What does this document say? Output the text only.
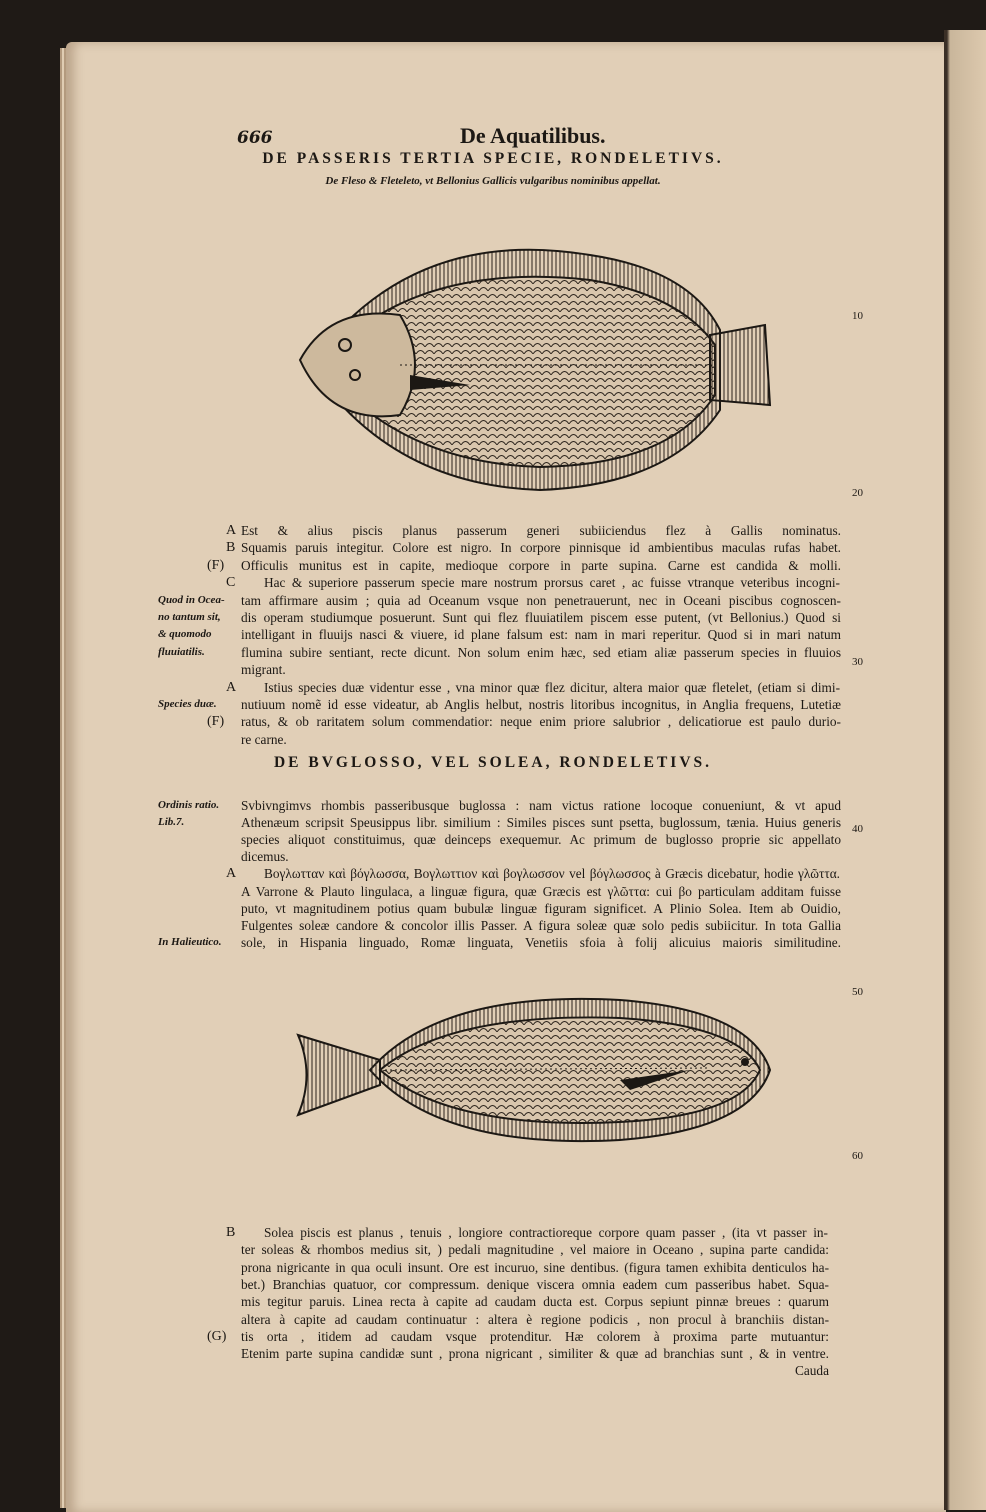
666	De Aquatilibus.
DE PASSERIS TERTIA SPECIE, RONDELETIVS.
De Fleso & Fleteleto, vt Bellonius Gallicis vulgaribus nominibus appellat.
DE BVGLOSSO, VEL SOLEA, RONDELETIVS.
10
20
30
40
50
60
Est & alius piscis planus passerum generi subiiciendus flez à Gallis nominatus.
A
Squamis paruis integitur. Colore est nigro. In corpore pinnisque id ambientibus maculas rufas habet.
B
Officulis munitus est in capite, medioque corpore in parte supina. Carne est candida & molli.
(F)
Hac & superiore passerum specie mare nostrum prorsus caret , ac fuisse vtranque veteribus incogni-
C
tam affirmare ausim ; quia ad Oceanum vsque non penetrauerunt, nec in Oceani piscibus cognoscen-
Quod in Ocea-
dis operam studiumque posuerunt. Sunt qui flez fluuiatilem piscem esse putent, (vt Bellonius.) Quod si
no tantum sit,
intelligant in fluuijs nasci & viuere, id plane falsum est: nam in mari reperitur. Quod si in mari natum
& quomodo
flumina subire sentiant, recte dicunt. Non solum enim hæc, sed etiam aliæ passerum species in fluuios
fluuiatilis.
migrant.
Istius species duæ videntur esse , vna minor quæ flez dicitur, altera maior quæ fletelet, (etiam si dimi-
A
nutiuum nomẽ id esse videatur, ab Anglis helbut, nostris litoribus incognitus, in Anglia frequens, Lutetiæ
Species duæ.
ratus, & ob raritatem solum commendatior: neque enim priore salubrior , delicatiorue est paulo durio-
(F)
re carne.
Svbivngimvs rhombis passeribusque buglossa : nam victus ratione locoque conueniunt, & vt apud
Ordinis ratio.
Athenæum scripsit Speusippus libr. similium : Similes pisces sunt psetta, buglossum, tænia. Huius generis
Lib.7.
species aliquot constituimus, quæ deinceps exequemur. Ac primum de buglosso proprie sic appellato
dicemus.
Βογλωτταν καὶ βόγλωσσα, Βογλωττιον καὶ βογλωσσον vel βόγλωσσος à Græcis dicebatur, hodie γλῶττα.
A
A Varrone & Plauto lingulaca, a linguæ figura, quæ Græcis est γλῶττα: cui βο particulam additam fuisse
puto, vt magnitudinem potius quam bubulæ linguæ figuram significet. A Plinio Solea. Item ab Ouidio,
Fulgentes soleæ candore & concolor illis Passer. A figura soleæ quæ solo pedis subiicitur. In tota Gallia
sole, in Hispania linguado, Romæ linguata, Venetiis sfoia à folij alicuius maioris similitudine.
In Halieutico.
Solea piscis est planus , tenuis , longiore contractioreque corpore quam passer , (ita vt passer in-
B
ter soleas & rhombos medius sit, ) pedali magnitudine , vel maiore in Oceano , supina parte candida:
prona nigricante in qua oculi insunt. Ore est incuruo, sine dentibus. (figura tamen exhibita denticulos ha-
bet.) Branchias quatuor, cor compressum. denique viscera omnia eadem cum passeribus habet. Squa-
mis tegitur paruis. Linea recta à capite ad caudam ducta est. Corpus sepiunt pinnæ breues : quarum
altera à capite ad caudam continuatur : altera è regione podicis , non procul à branchiis distan-
tis orta , itidem ad caudam vsque protenditur. Hæ colorem à proxima parte mutuantur:
(G)
Etenim parte supina candidæ sunt , prona nigricant , similiter & quæ ad branchias sunt , & in ventre.
Cauda
